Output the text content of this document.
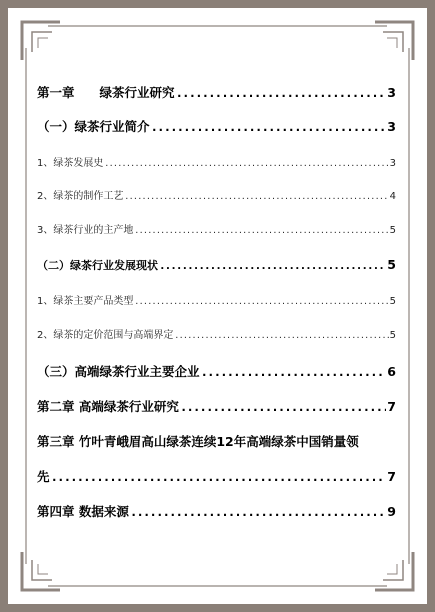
第一章　　绿茶行业研究 .....	3
（一）绿茶行业简介 .....	3
1、绿茶发展史 .....	3
2、绿茶的制作工艺 .....	4
3、绿茶行业的主产地 .....	5
（二）绿茶行业发展现状 .....	5
1、绿茶主要产品类型 .....	5
2、绿茶的定价范围与高端界定 .....	5
（三）高端绿茶行业主要企业 .....	6
第二章 高端绿茶行业研究 .....	7
第三章 竹叶青峨眉高山绿茶连续12年高端绿茶中国销量领
先 .....	7
第四章 数据来源 .....	9
